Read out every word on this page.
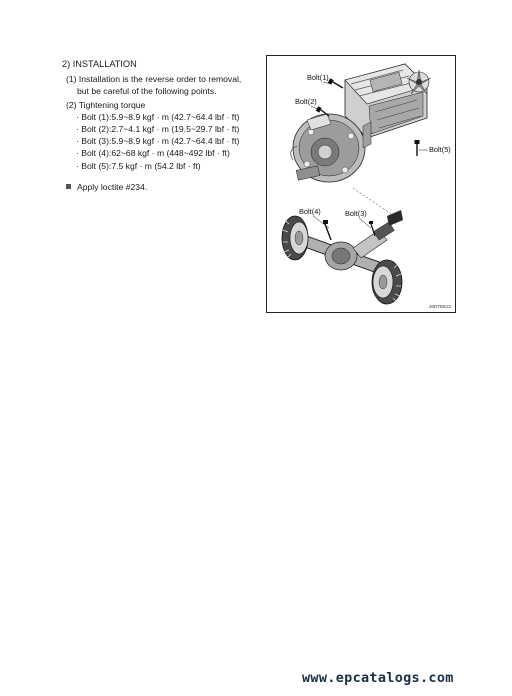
2) INSTALLATION
(1) Installation is the reverse order to removal,
but be careful of the following points.
(2) Tightening torque
· Bolt (1):5.9~8.9 kgf · m (42.7~64.4 lbf · ft)
· Bolt (2):2.7~4.1 kgf · m (19.5~29.7 lbf · ft)
· Bolt (3):5.9~8.9 kgf · m (42.7~64.4 lbf · ft)
· Bolt (4):62~68 kgf · m (448~492 lbf · ft)
· Bolt (5):7.5 kgf · m (54.2 lbf · ft)
Apply loctite #234.
Bolt(1)
Bolt(2)
Bolt(5)
Bolt(4)	Bolt(3)
20D7EE21
www.epcatalogs.com
